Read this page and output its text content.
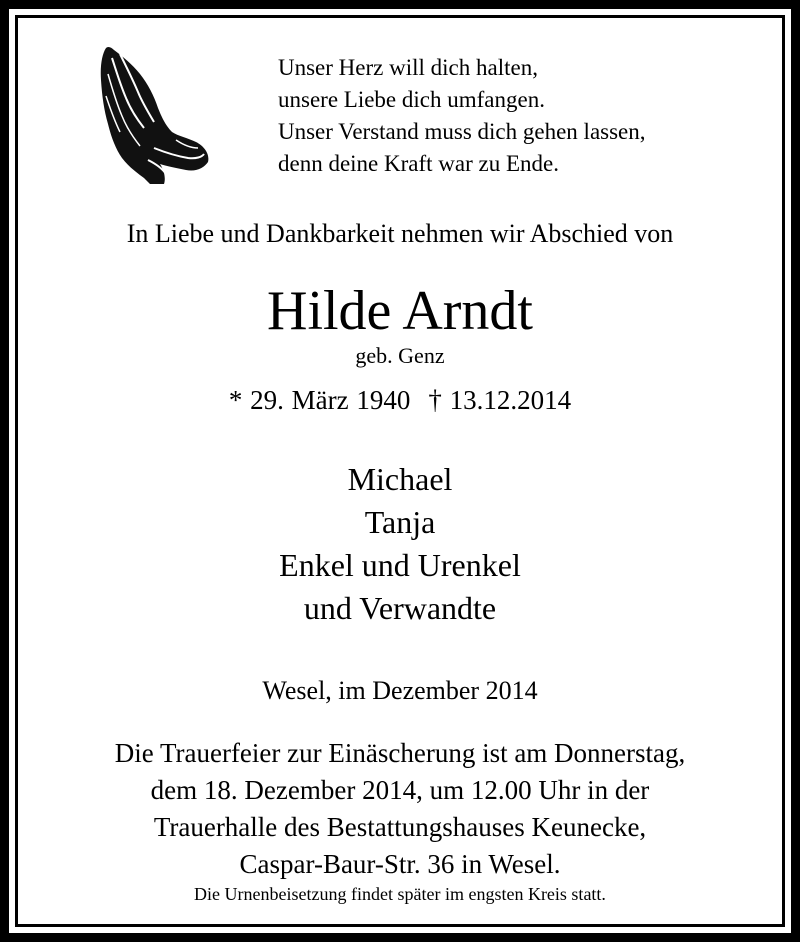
Unser Herz will dich halten,
unsere Liebe dich umfangen.
Unser Verstand muss dich gehen lassen,
denn deine Kraft war zu Ende.
In Liebe und Dankbarkeit nehmen wir Abschied von
Hilde Arndt
geb. Genz
* 29. März 1940 † 13.12.2014
Michael
Tanja
Enkel und Urenkel
und Verwandte
Wesel, im Dezember 2014
Die Trauerfeier zur Einäscherung ist am Donnerstag,
dem 18. Dezember 2014, um 12.00 Uhr in der
Trauerhalle des Bestattungshauses Keunecke,
Caspar-Baur-Str. 36 in Wesel.
Die Urnenbeisetzung findet später im engsten Kreis statt.
